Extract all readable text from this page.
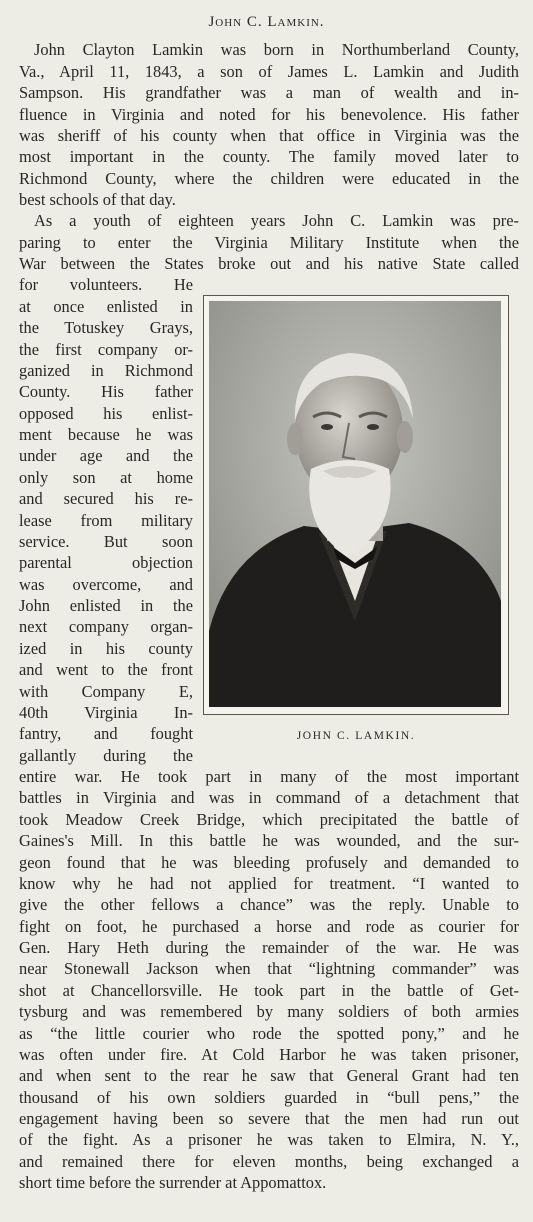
John C. Lamkin.
John Clayton Lamkin was born in Northumberland County,
Va., April 11, 1843, a son of James L. Lamkin and Judith
Sampson. His grandfather was a man of wealth and in-
fluence in Virginia and noted for his benevolence. His father
was sheriff of his county when that office in Virginia was the
most important in the county. The family moved later to
Richmond County, where the children were educated in the
best schools of that day.
As a youth of eighteen years John C. Lamkin was pre-
paring to enter the Virginia Military Institute when the
War between the States broke out and his native State called
for volunteers. He
at once enlisted in
the Totuskey Grays,
the first company or-
ganized in Richmond
County. His father
opposed his enlist-
ment because he was
under age and the
only son at home
and secured his re-
lease from military
service. But soon
parental objection
was overcome, and
John enlisted in the
next company organ-
ized in his county
and went to the front
with Company E,
40th Virginia In-
fantry, and fought
gallantly during the
entire war. He took part in many of the most important
battles in Virginia and was in command of a detachment that
took Meadow Creek Bridge, which precipitated the battle of
Gaines's Mill. In this battle he was wounded, and the sur-
geon found that he was bleeding profusely and demanded to
know why he had not applied for treatment. “I wanted to
give the other fellows a chance” was the reply. Unable to
fight on foot, he purchased a horse and rode as courier for
Gen. Hary Heth during the remainder of the war. He was
near Stonewall Jackson when that “lightning commander” was
shot at Chancellorsville. He took part in the battle of Get-
tysburg and was remembered by many soldiers of both armies
as “the little courier who rode the spotted pony,” and he
was often under fire. At Cold Harbor he was taken prisoner,
and when sent to the rear he saw that General Grant had ten
thousand of his own soldiers guarded in “bull pens,” the
engagement having been so severe that the men had run out
of the fight. As a prisoner he was taken to Elmira, N. Y.,
and remained there for eleven months, being exchanged a
short time before the surrender at Appomattox.
JOHN C. LAMKIN.
